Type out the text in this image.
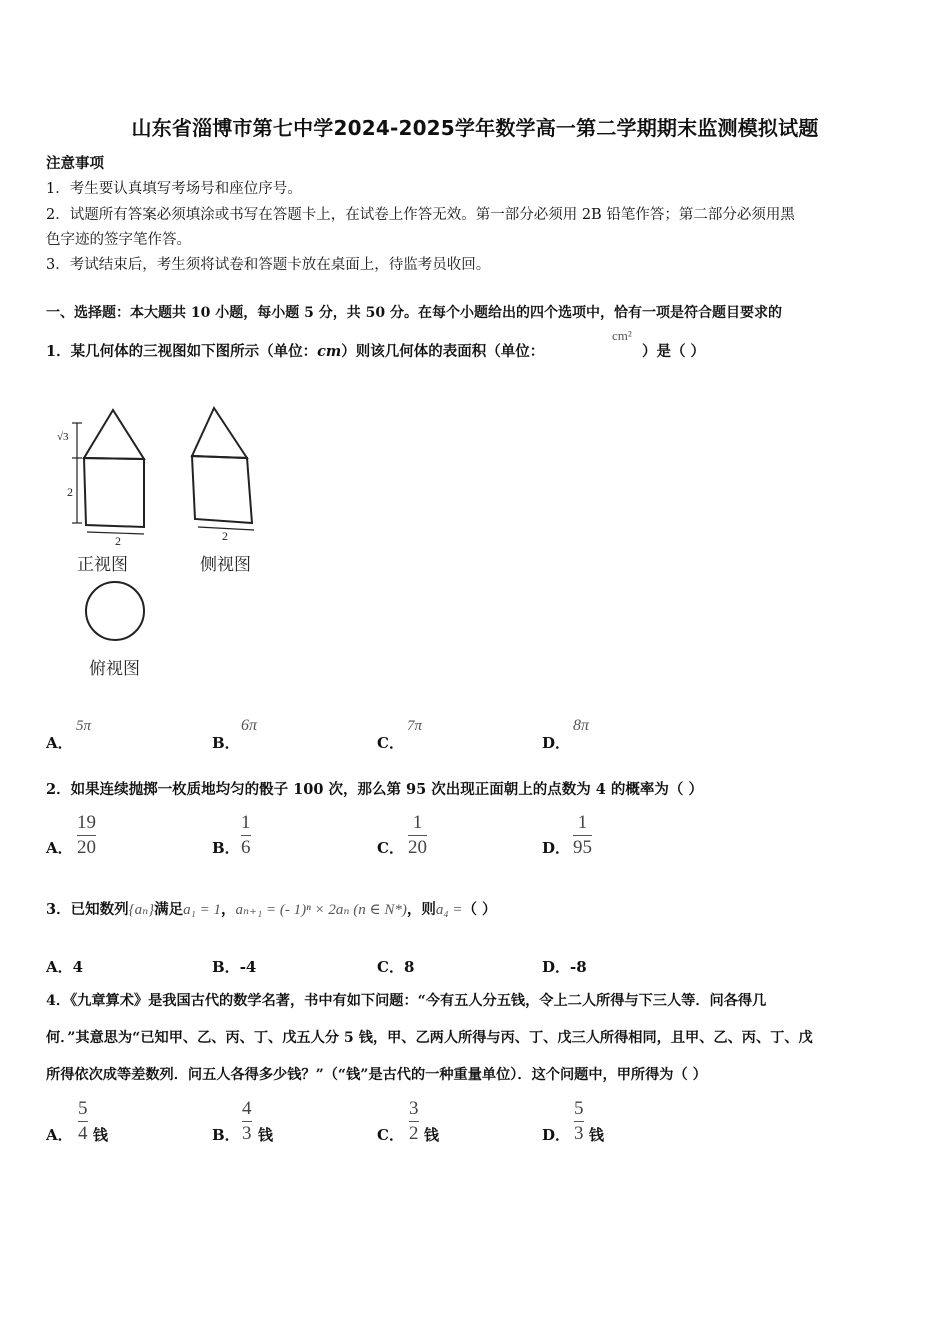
山东省淄博市第七中学2024-2025学年数学高一第二学期期末监测模拟试题
注意事项
1．考生要认真填写考场号和座位序号。
2．试题所有答案必须填涂或书写在答题卡上，在试卷上作答无效。第一部分必须用 2B 铅笔作答；第二部分必须用黑
色字迹的签字笔作答。
3．考试结束后，考生须将试卷和答题卡放在桌面上，待监考员收回。
一、选择题：本大题共 10 小题，每小题 5 分，共 50 分。在每个小题给出的四个选项中，恰有一项是符合题目要求的
1．某几何体的三视图如下图所示（单位：cm）则该几何体的表面积（单位：
cm²
）是（ ）
√3
2
2	2
正视图	侧视图
俯视图
A．
5π
B．
6π
C．
7π
D．
8π
2．如果连续抛掷一枚质地均匀的骰子 100 次，那么第 95 次出现正面朝上的点数为 4 的概率为（ ）
A．
19
20	B．
1
6	C．
1
20	D．
1
95
3．已知数列{aₙ}满足a₁ = 1，aₙ₊₁ = (- 1)ⁿ × 2aₙ (n ∈ N*)，则a₄ =（ ）
A．4	B．-4	C．8	D．-8
4．《九章算术》是我国古代的数学名著，书中有如下问题：“今有五人分五钱，令上二人所得与下三人等．问各得几
何．”其意思为“已知甲、乙、丙、丁、戊五人分 5 钱，甲、乙两人所得与丙、丁、戊三人所得相同，且甲、乙、丙、丁、戊
所得依次成等差数列．问五人各得多少钱？”（“钱”是古代的一种重量单位）．这个问题中，甲所得为（ ）
A．
5
4 钱	B．
4
3 钱	C．
3
2 钱	D．
5
3 钱
